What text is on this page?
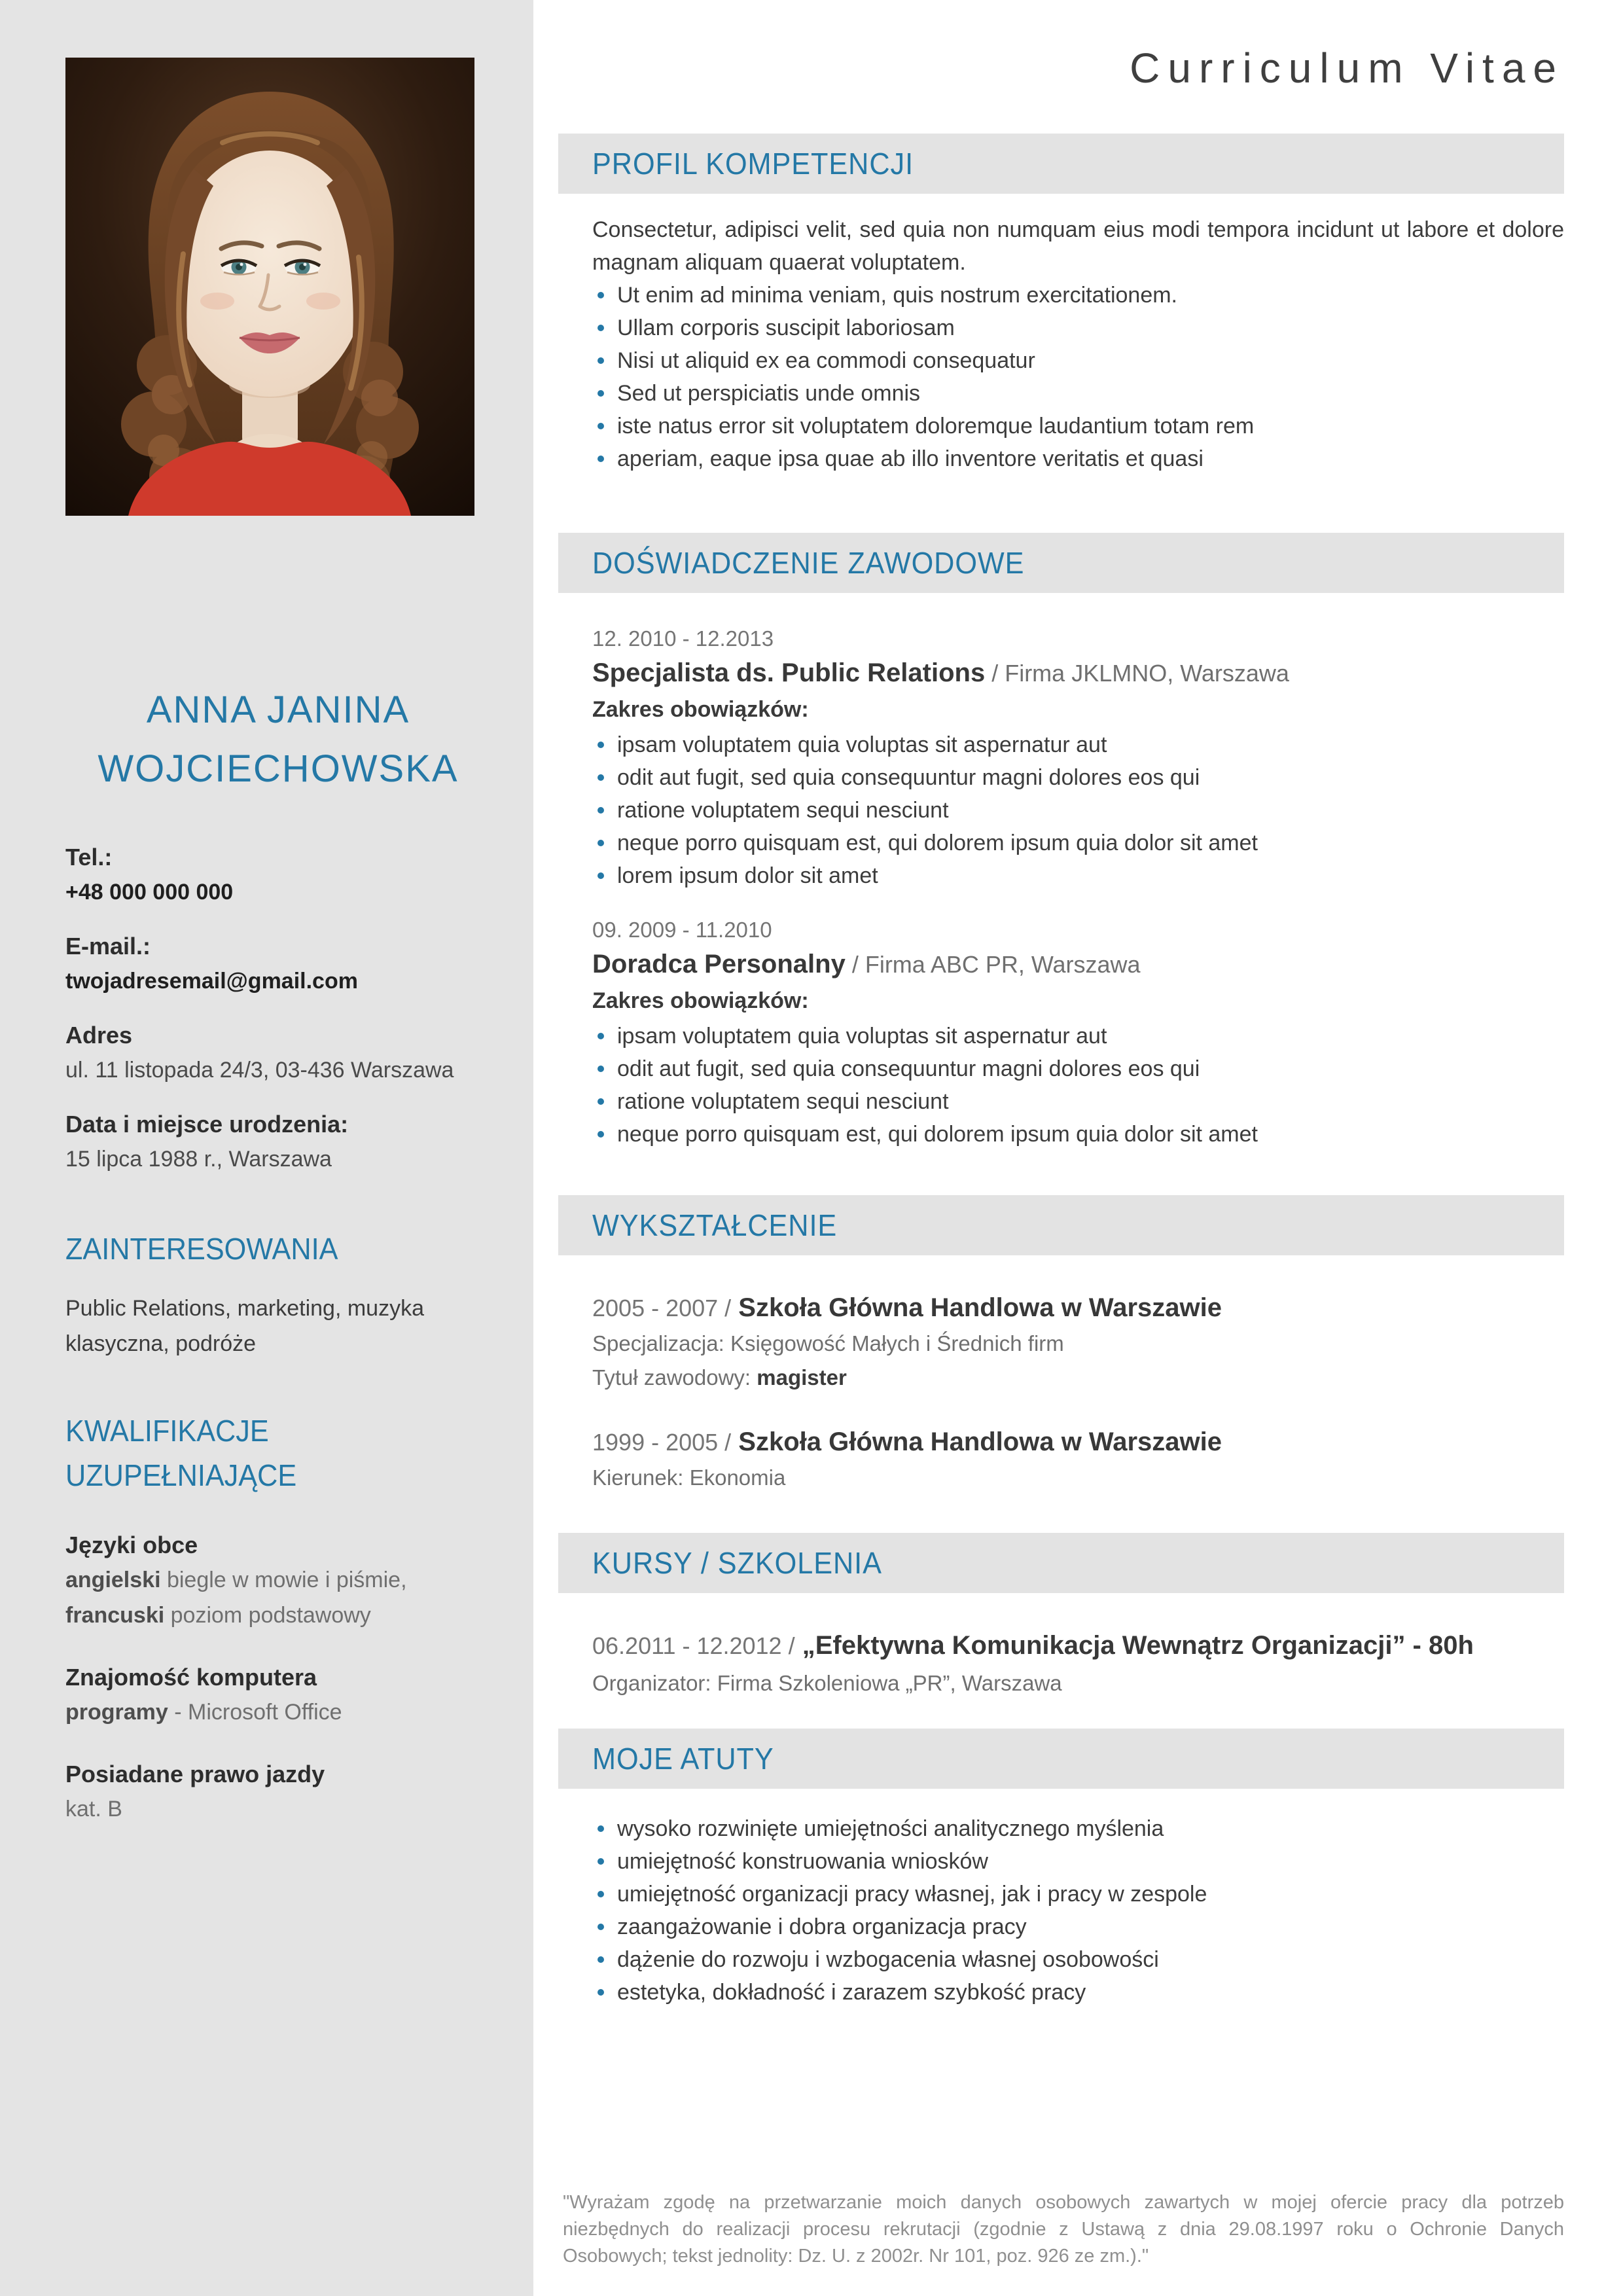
ANNA JANINA
WOJCIECHOWSKA
Tel.:
+48 000 000 000
E-mail.:
twojadresemail@gmail.com
Adres
ul. 11 listopada 24/3, 03-436 Warszawa
Data i miejsce urodzenia:
15 lipca 1988 r., Warszawa
ZAINTERESOWANIA
Public Relations, marketing, muzyka klasyczna, podróże
KWALIFIKACJE UZUPEŁNIAJĄCE
Języki obce
angielski biegle w mowie i piśmie,
francuski poziom podstawowy
Znajomość komputera
programy - Microsoft Office
Posiadane prawo jazdy
kat. B
Curriculum Vitae
PROFIL KOMPETENCJI

Consectetur, adipisci velit, sed quia non numquam eius modi tempora incidunt ut labore et dolore magnam aliquam quaerat voluptatem.

Ut enim ad minima veniam, quis nostrum exercitationem.
Ullam corporis suscipit laboriosam
Nisi ut aliquid ex ea commodi consequatur
Sed ut perspiciatis unde omnis
iste natus error sit voluptatem doloremque laudantium totam rem
aperiam, eaque ipsa quae ab illo inventore veritatis et quasi
DOŚWIADCZENIE ZAWODOWE
12. 2010 - 12.2013
Specjalista ds. Public Relations / Firma JKLMNO, Warszawa
Zakres obowiązków:
ipsam voluptatem quia voluptas sit aspernatur aut
odit aut fugit, sed quia consequuntur magni dolores eos qui
ratione voluptatem sequi nesciunt
neque porro quisquam est, qui dolorem ipsum quia dolor sit amet
lorem ipsum dolor sit amet
09. 2009 - 11.2010
Doradca Personalny / Firma ABC PR, Warszawa
Zakres obowiązków:
ipsam voluptatem quia voluptas sit aspernatur aut
odit aut fugit, sed quia consequuntur magni dolores eos qui
ratione voluptatem sequi nesciunt
neque porro quisquam est, qui dolorem ipsum quia dolor sit amet
WYKSZTAŁCENIE
2005 - 2007 / Szkoła Główna Handlowa w Warszawie
Specjalizacja: Księgowość Małych i Średnich firm
Tytuł zawodowy: magister
1999 - 2005 / Szkoła Główna Handlowa w Warszawie
Kierunek: Ekonomia
KURSY / SZKOLENIA
06.2011 - 12.2012 / „Efektywna Komunikacja Wewnątrz Organizacji” - 80h
Organizator: Firma Szkoleniowa „PR”, Warszawa
MOJE ATUTY
wysoko rozwinięte umiejętności analitycznego myślenia
umiejętność konstruowania wniosków
umiejętność organizacji pracy własnej, jak i pracy w zespole
zaangażowanie i dobra organizacja pracy
dążenie do rozwoju i wzbogacenia własnej osobowości
estetyka, dokładność i zarazem szybkość pracy
"Wyrażam zgodę na przetwarzanie moich danych osobowych zawartych w mojej ofercie pracy dla potrzeb niezbędnych do realizacji procesu rekrutacji (zgodnie z Ustawą z dnia 29.08.1997 roku o Ochronie Danych Osobowych; tekst jednolity: Dz. U. z 2002r. Nr 101, poz. 926 ze zm.)."
